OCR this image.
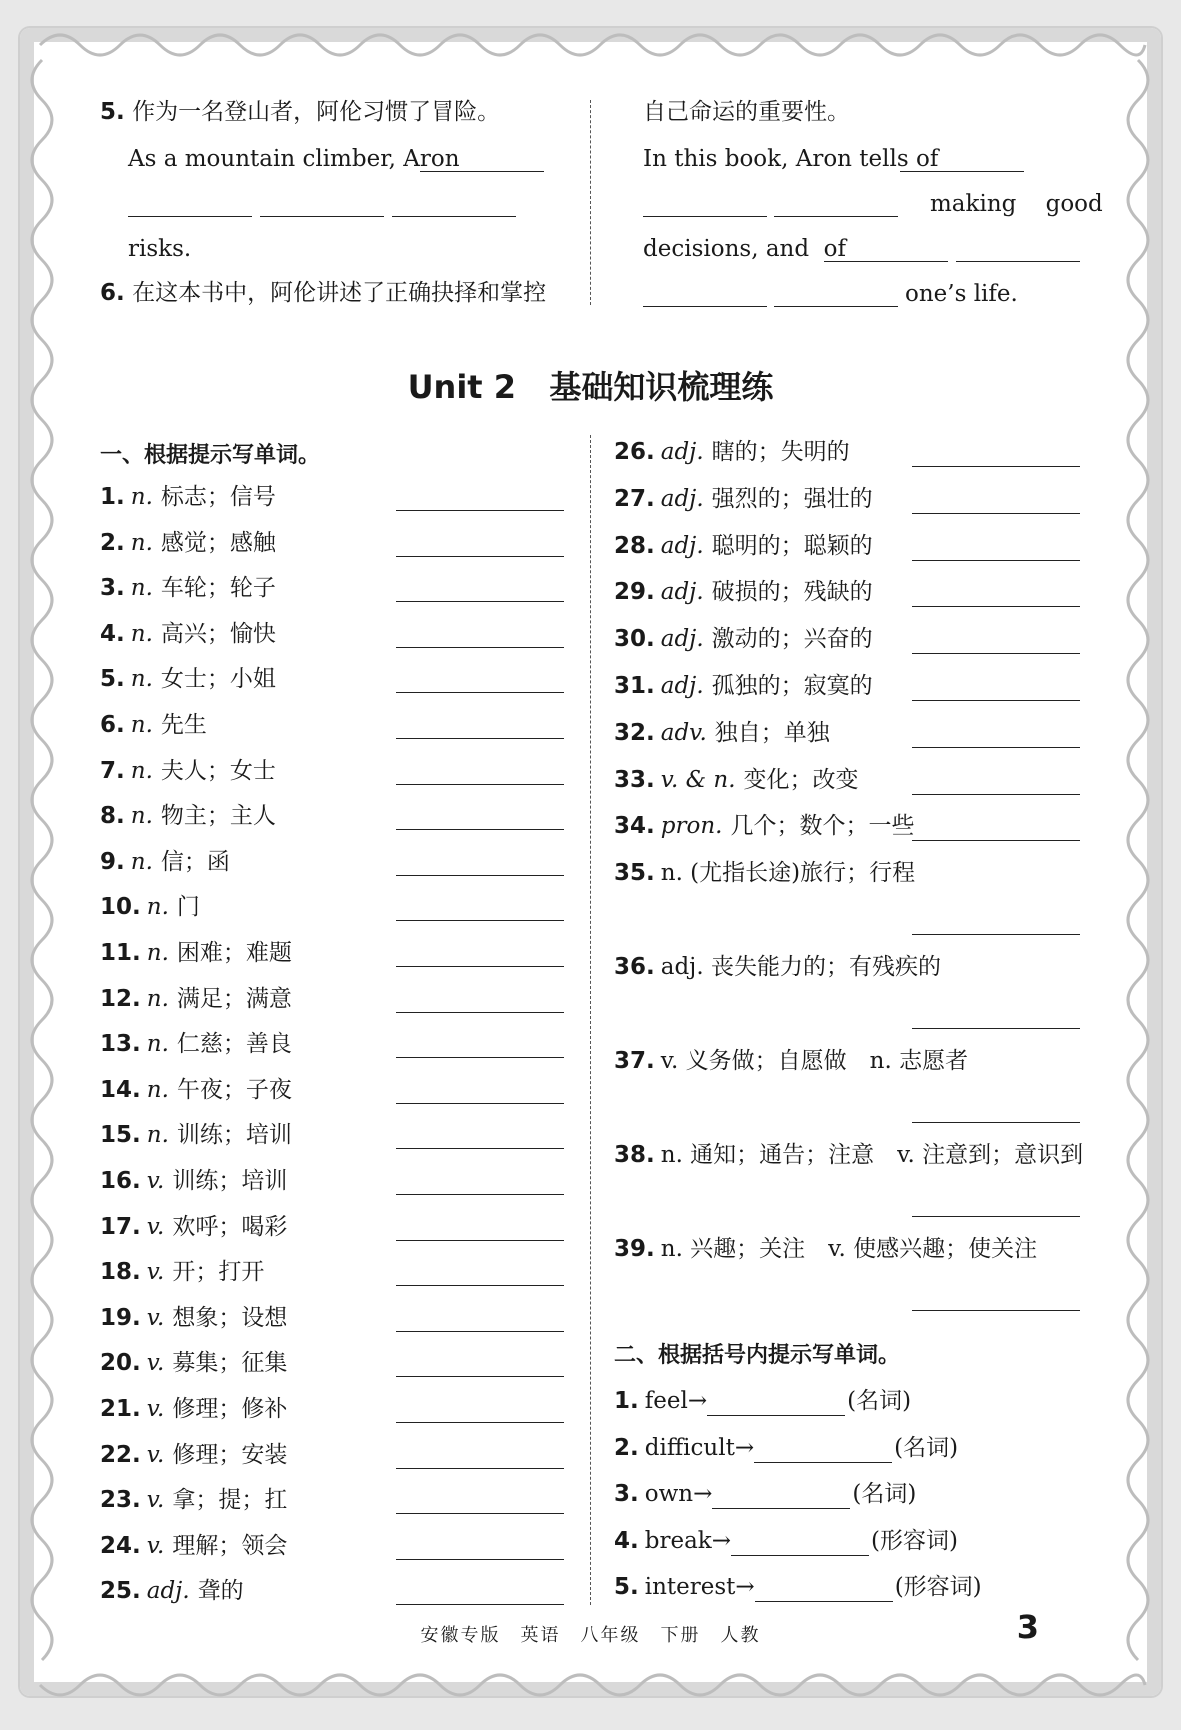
5. 作为一名登山者，阿伦习惯了冒险。
As a mountain climber, Aron
risks.
6. 在这本书中，阿伦讲述了正确抉择和掌控
自己命运的重要性。
In this book, Aron tells of
making    good
decisions, and  of
one’s life.
Unit 2   基础知识梳理练
一、根据提示写单词。
1. n. 标志；信号
2. n. 感觉；感触
3. n. 车轮；轮子
4. n. 高兴；愉快
5. n. 女士；小姐
6. n. 先生
7. n. 夫人；女士
8. n. 物主；主人
9. n. 信；函
10. n. 门
11. n. 困难；难题
12. n. 满足；满意
13. n. 仁慈；善良
14. n. 午夜；子夜
15. n. 训练；培训
16. v. 训练；培训
17. v. 欢呼；喝彩
18. v. 开；打开
19. v. 想象；设想
20. v. 募集；征集
21. v. 修理；修补
22. v. 修理；安装
23. v. 拿；提；扛
24. v. 理解；领会
25. adj. 聋的
26. adj. 瞎的；失明的
27. adj. 强烈的；强壮的
28. adj. 聪明的；聪颖的
29. adj. 破损的；残缺的
30. adj. 激动的；兴奋的
31. adj. 孤独的；寂寞的
32. adv. 独自；单独
33. v. & n. 变化；改变
34. pron. 几个；数个；一些
35. n. (尤指长途)旅行；行程
36. adj. 丧失能力的；有残疾的
37. v. 义务做；自愿做　n. 志愿者
38. n. 通知；通告；注意　v. 注意到；意识到
39. n. 兴趣；关注　v. 使感兴趣；使关注
二、根据括号内提示写单词。
1. feel→	(名词)
2. difficult→	(名词)
3. own→	(名词)
4. break→	(形容词)
5. interest→	(形容词)
安徽专版　英语　八年级　下册　人教	3
